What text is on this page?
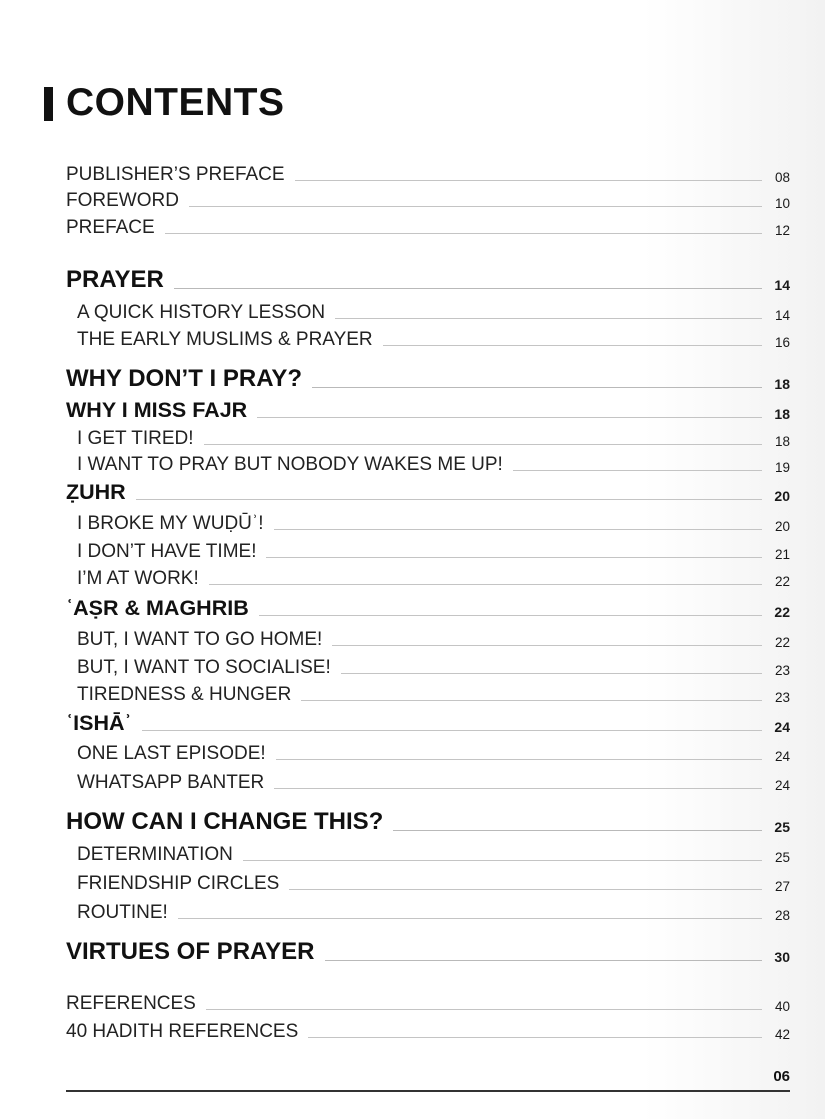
CONTENTS
PUBLISHER’S PREFACE	08
FOREWORD	10
PREFACE	12
PRAYER	14
A QUICK HISTORY LESSON	14
THE EARLY MUSLIMS & PRAYER	16
WHY DON’T I PRAY?	18
WHY I MISS FAJR	18
I GET TIRED!	18
I WANT TO PRAY BUT NOBODY WAKES ME UP!	19
ẒUHR	20
I BROKE MY WUḌŪʾ!	20
I DON’T HAVE TIME!	21
I’M AT WORK!	22
ʿAṢR & MAGHRIB	22
BUT, I WANT TO GO HOME!	22
BUT, I WANT TO SOCIALISE!	23
TIREDNESS & HUNGER	23
ʿISHĀʾ	24
ONE LAST EPISODE!	24
WHATSAPP BANTER	24
HOW CAN I CHANGE THIS?	25
DETERMINATION	25
FRIENDSHIP CIRCLES	27
ROUTINE!	28
VIRTUES OF PRAYER	30
REFERENCES	40
40 HADITH REFERENCES	42
06
